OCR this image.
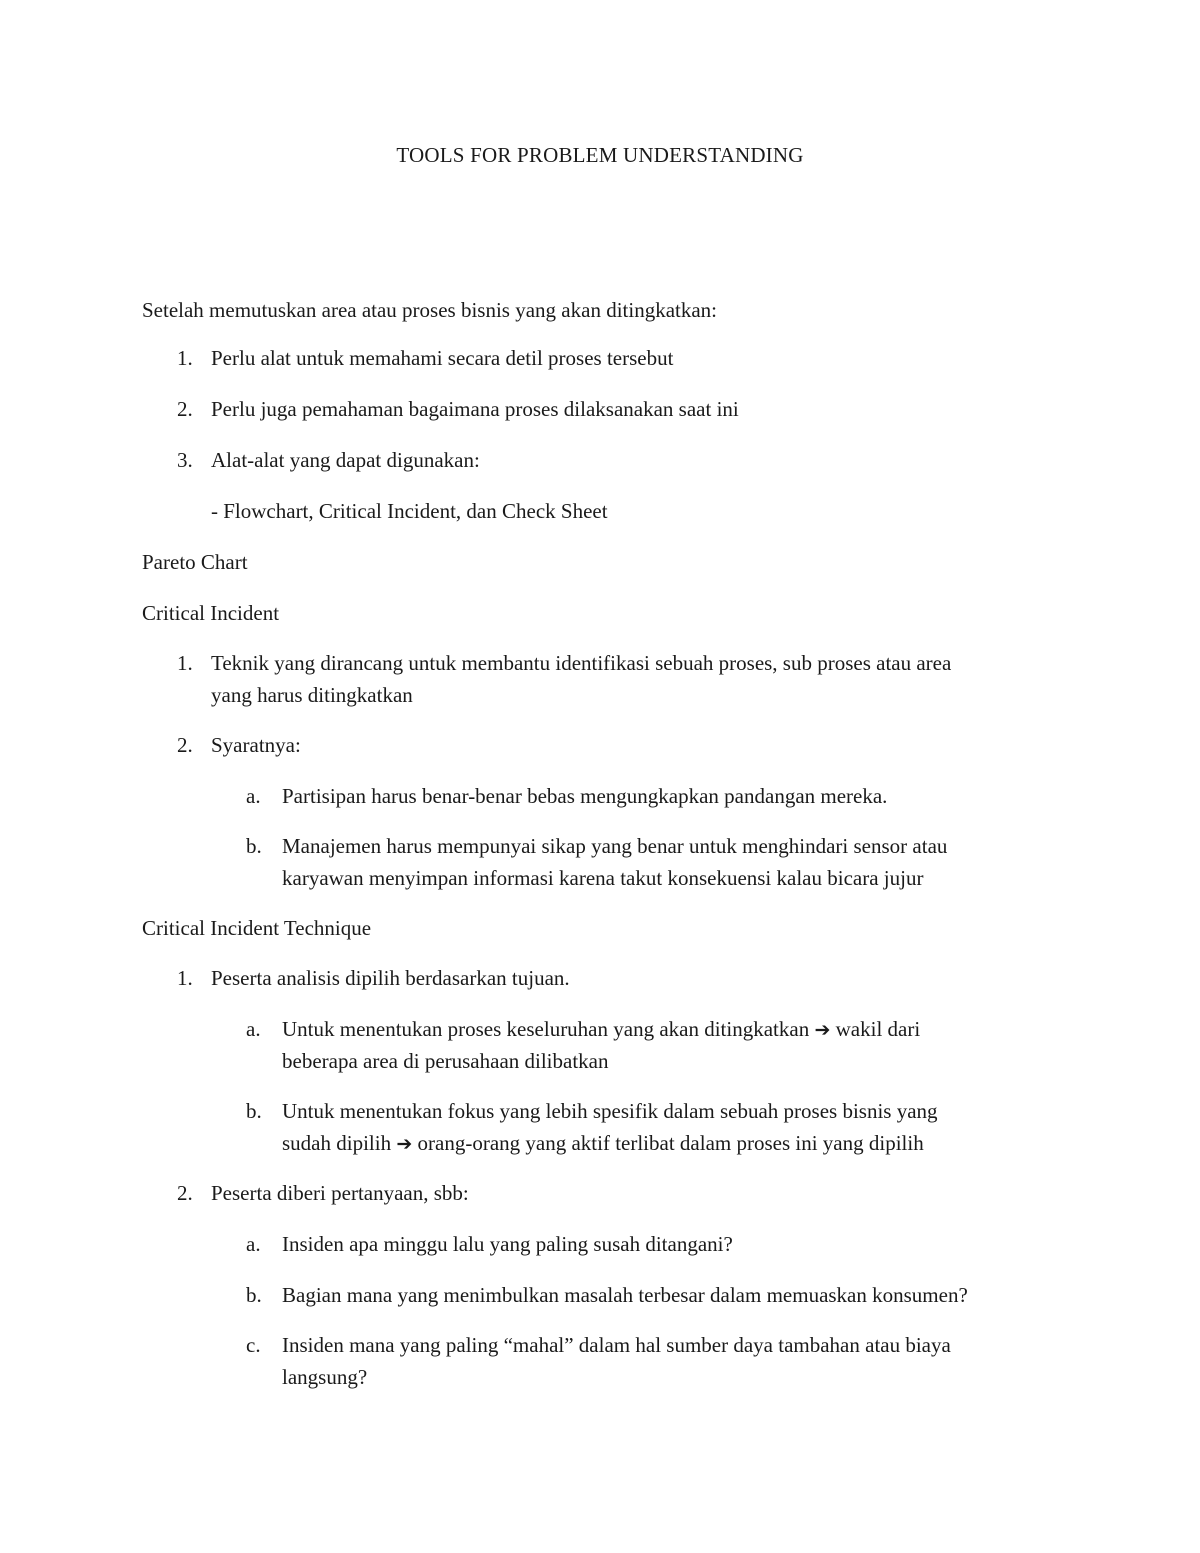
TOOLS FOR PROBLEM UNDERSTANDING
Setelah memutuskan area atau proses bisnis yang akan ditingkatkan:
1. Perlu alat untuk memahami secara detil proses tersebut
2. Perlu juga pemahaman bagaimana proses dilaksanakan saat ini
3. Alat-alat yang dapat digunakan:
- Flowchart, Critical Incident, dan Check Sheet
Pareto Chart
Critical Incident
1. Teknik yang dirancang untuk membantu identifikasi sebuah proses, sub proses atau area
yang harus ditingkatkan
2. Syaratnya:
a. Partisipan harus benar-benar bebas mengungkapkan pandangan mereka.
b. Manajemen harus mempunyai sikap yang benar untuk menghindari sensor atau
karyawan menyimpan informasi karena takut konsekuensi kalau bicara jujur
Critical Incident Technique
1. Peserta analisis dipilih berdasarkan tujuan.
a. Untuk menentukan proses keseluruhan yang akan ditingkatkan ➔ wakil dari
beberapa area di perusahaan dilibatkan
b. Untuk menentukan fokus yang lebih spesifik dalam sebuah proses bisnis yang
sudah dipilih ➔ orang-orang yang aktif terlibat dalam proses ini yang dipilih
2. Peserta diberi pertanyaan, sbb:
a. Insiden apa minggu lalu yang paling susah ditangani?
b. Bagian mana yang menimbulkan masalah terbesar dalam memuaskan konsumen?
c. Insiden mana yang paling “mahal” dalam hal sumber daya tambahan atau biaya
langsung?
